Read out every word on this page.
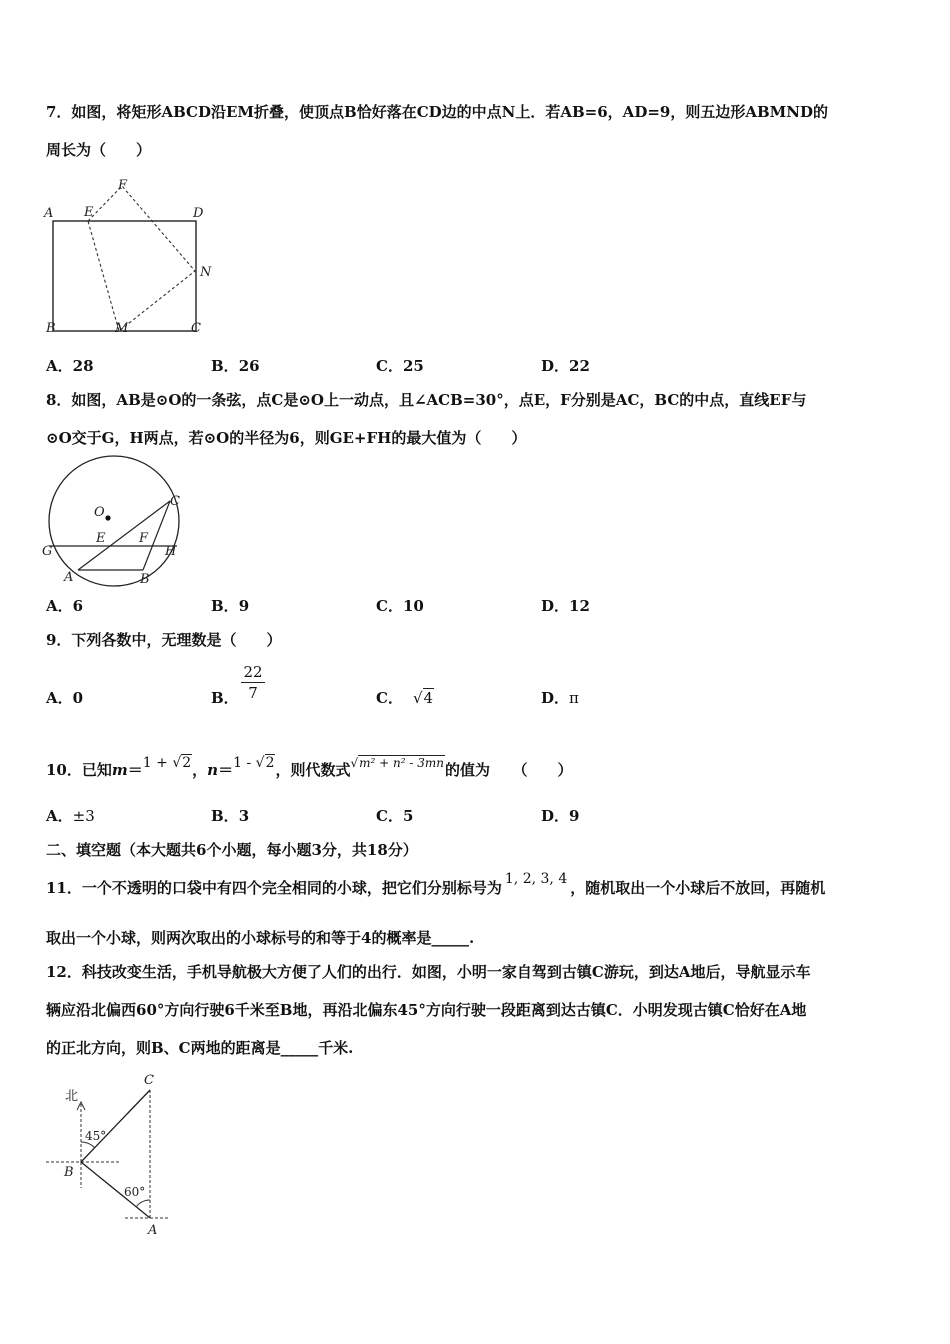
7．如图，将矩形ABCD沿EM折叠，使顶点B恰好落在CD边的中点N上．若AB=6，AD=9，则五边形ABMND的
周长为（　　）
A E
F
D
N
B	M	C
A．28	B．26	C．25	D．22
8．如图，AB是⊙O的一条弦，点C是⊙O上一动点，且∠ACB=30°，点E，F分别是AC，BC的中点，直线EF与
⊙O交于G，H两点，若⊙O的半径为6，则GE+FH的最大值为（　　）
O
C
E	F
G	H
A	B
A．6	B．9	C．10	D．12
9．下列各数中，无理数是（　　）
A．0	B． $\frac{22}{7}$	C． √4	D．π
10．已知m＝1 + √2，n＝1 - √2，则代数式$^{√m^2 + n^2 - 3mn}$的值为　　（　　）
A．±3	B．3	C．5	D．9
二、填空题（本大题共6个小题，每小题3分，共18分）
11．一个不透明的口袋中有四个完全相同的小球，把它们分别标号为 1, 2, 3, 4 ，随机取出一个小球后不放回，再随机
取出一个小球，则两次取出的小球标号的和等于4的概率是_____.
12．科技改变生活，手机导航极大方便了人们的出行．如图，小明一家自驾到古镇C游玩，到达A地后，导航显示车
辆应沿北偏西60°方向行驶6千米至B地，再沿北偏东45°方向行驶一段距离到达古镇C．小明发现古镇C恰好在A地
的正北方向，则B、C两地的距离是_____千米.
北
45°
60°
B
C
A
